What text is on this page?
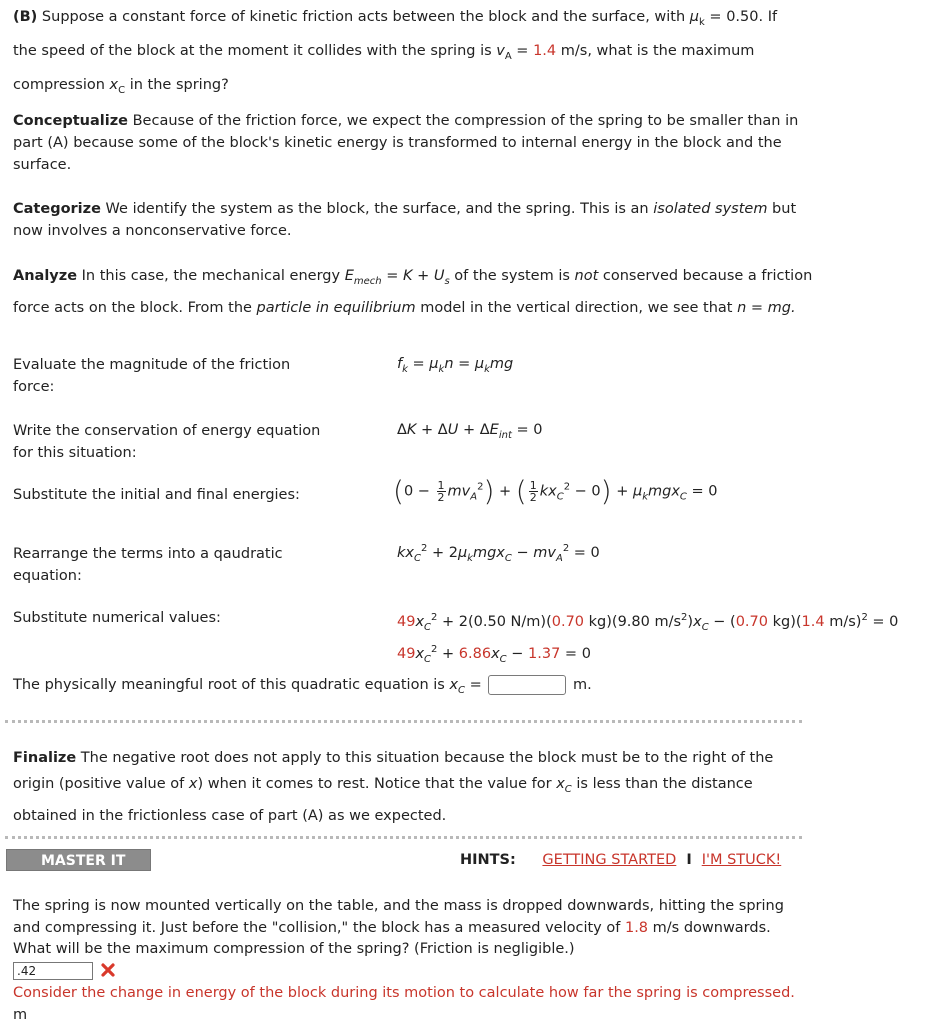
(B) Suppose a constant force of kinetic friction acts between the block and the surface, with $\mu_k = 0.50$. If
the speed of the block at the moment it collides with the spring is $v_A = 1.4$ m/s, what is the maximum
compression $x_C$ in the spring?
Conceptualize Because of the friction force, we expect the compression of the spring to be smaller than in part (A) because some of the block's kinetic energy is transformed to internal energy in the block and the surface.
Categorize We identify the system as the block, the surface, and the spring. This is an isolated system but now involves a nonconservative force.
Analyze In this case, the mechanical energy $E_{mech} = K + U_s$ of the system is not conserved because a friction force acts on the block. From the particle in equilibrium model in the vertical direction, we see that n = mg.
Evaluate the magnitude of the friction force:
$f_k = \mu_kn = \mu_kmg$
Write the conservation of energy equation for this situation:
$\Delta K + \Delta U + \Delta E_{int} = 0$
Substitute the initial and final energies:	$(0 - \frac{1}{2} mv_A^2)$ + ( $\frac{1}{2} kx_C^2 - 0) + \mu_kmgx_C = 0$
Rearrange the terms into a qaudratic equation:
$kx_C^2 + 2\mu_kmgx_C - mv_A^2 = 0$
Substitute numerical values:	$49x_C^2 + 2(0.50$ N/m)(0.70 kg)(9.80 $m/s^2)x_C - (0.70$ kg)(1.4 m/s)$^2$ = 0
$49x_C^2 + 6.86x_C - 1.37 = 0$
The physically meaningful root of this quadratic equation is $x_C$ =	m.
Finalize The negative root does not apply to this situation because the block must be to the right of the origin (positive value of x) when it comes to rest. Notice that the value for $x_C$ is less than the distance obtained in the frictionless case of part (A) as we expected.
MASTER IT	HINTS: GETTING STARTED I I'M STUCK!
The spring is now mounted vertically on the table, and the mass is dropped downwards, hitting the spring and compressing it. Just before the "collision," the block has a measured velocity of 1.8 m/s downwards. What will be the maximum compression of the spring? (Friction is negligible.)
.42
Consider the change in energy of the block during its motion to calculate how far the spring is compressed. m
